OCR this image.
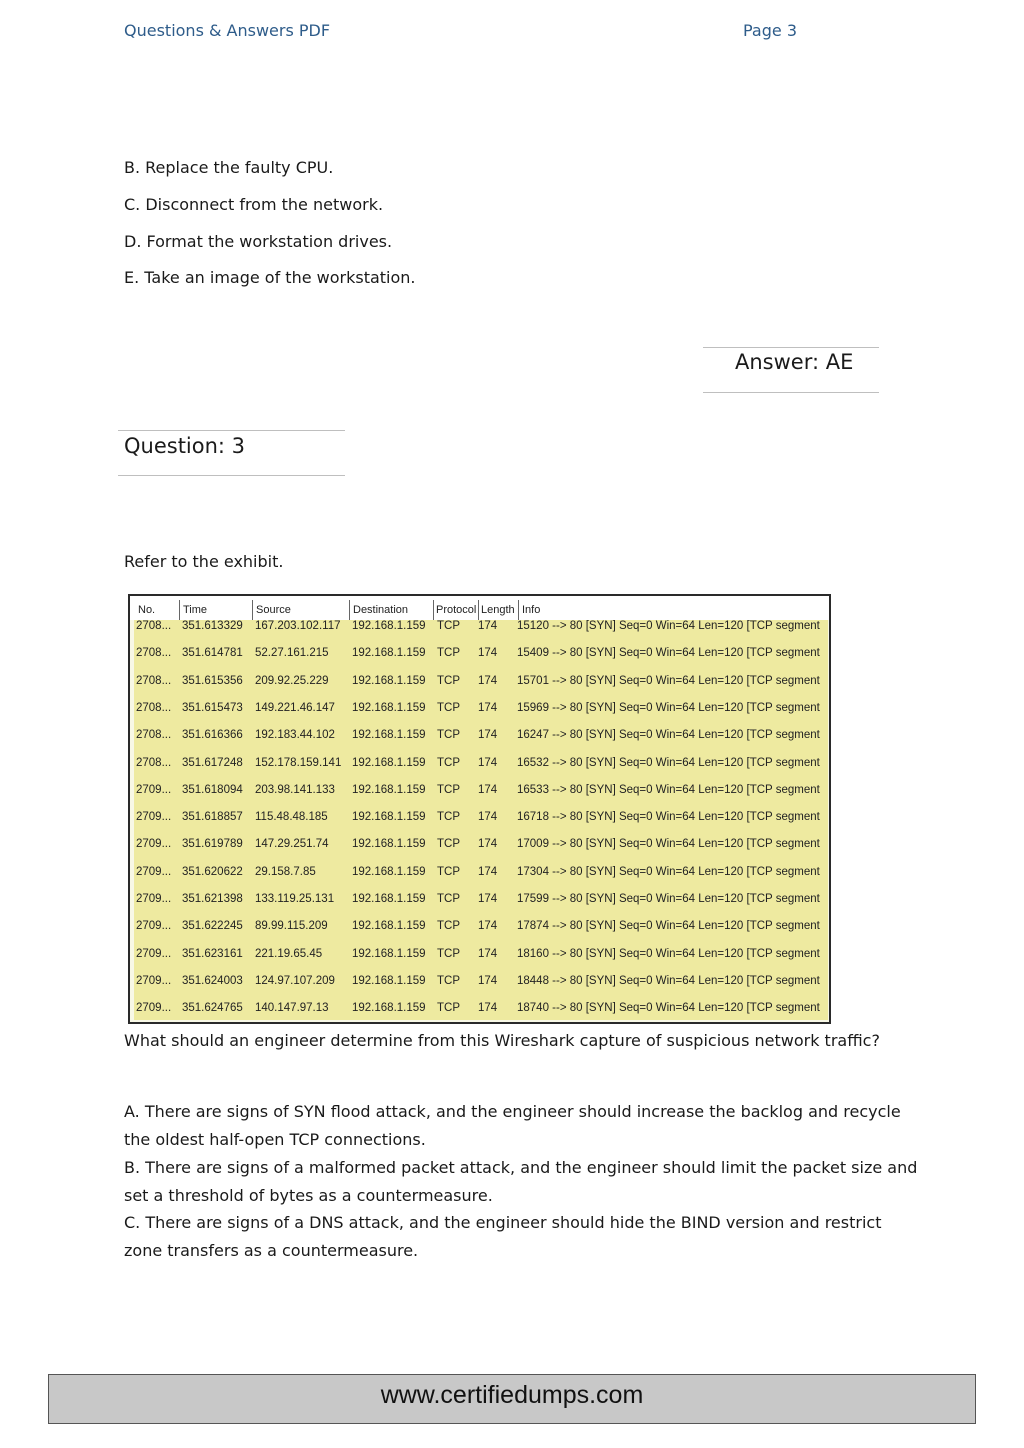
Questions & Answers PDF	Page 3
B. Replace the faulty CPU.
C. Disconnect from the network.
D. Format the workstation drives.
E. Take an image of the workstation.
Answer: AE
Question: 3
Refer to the exhibit.
No.	Time	Source	Destination	Protocol Length Info
2708... 351.613329 167.203.102.117 192.168.1.159 TCP 174 15120 --> 80 [SYN] Seq=0 Win=64 Len=120 [TCP segment
2708... 351.614781 52.27.161.215 192.168.1.159 TCP 174 15409 --> 80 [SYN] Seq=0 Win=64 Len=120 [TCP segment
2708... 351.615356 209.92.25.229 192.168.1.159 TCP 174 15701 --> 80 [SYN] Seq=0 Win=64 Len=120 [TCP segment
2708... 351.615473 149.221.46.147 192.168.1.159 TCP 174 15969 --> 80 [SYN] Seq=0 Win=64 Len=120 [TCP segment
2708... 351.616366 192.183.44.102 192.168.1.159 TCP 174 16247 --> 80 [SYN] Seq=0 Win=64 Len=120 [TCP segment
2708... 351.617248 152.178.159.141 192.168.1.159 TCP 174 16532 --> 80 [SYN] Seq=0 Win=64 Len=120 [TCP segment
2709... 351.618094 203.98.141.133 192.168.1.159 TCP 174 16533 --> 80 [SYN] Seq=0 Win=64 Len=120 [TCP segment
2709... 351.618857 115.48.48.185 192.168.1.159 TCP 174 16718 --> 80 [SYN] Seq=0 Win=64 Len=120 [TCP segment
2709... 351.619789 147.29.251.74 192.168.1.159 TCP 174 17009 --> 80 [SYN] Seq=0 Win=64 Len=120 [TCP segment
2709... 351.620622 29.158.7.85	192.168.1.159 TCP 174 17304 --> 80 [SYN] Seq=0 Win=64 Len=120 [TCP segment
2709... 351.621398 133.119.25.131 192.168.1.159 TCP 174 17599 --> 80 [SYN] Seq=0 Win=64 Len=120 [TCP segment
2709... 351.622245 89.99.115.209 192.168.1.159 TCP 174 17874 --> 80 [SYN] Seq=0 Win=64 Len=120 [TCP segment
2709... 351.623161 221.19.65.45	192.168.1.159 TCP 174 18160 --> 80 [SYN] Seq=0 Win=64 Len=120 [TCP segment
2709... 351.624003 124.97.107.209 192.168.1.159 TCP 174 18448 --> 80 [SYN] Seq=0 Win=64 Len=120 [TCP segment
2709... 351.624765 140.147.97.13 192.168.1.159 TCP 174 18740 --> 80 [SYN] Seq=0 Win=64 Len=120 [TCP segment
What should an engineer determine from this Wireshark capture of suspicious network traffic?
A. There are signs of SYN flood attack, and the engineer should increase the backlog and recycle the oldest half-open TCP connections.
B. There are signs of a malformed packet attack, and the engineer should limit the packet size and set a threshold of bytes as a countermeasure.
C. There are signs of a DNS attack, and the engineer should hide the BIND version and restrict zone transfers as a countermeasure.
www.certifiedumps.com
